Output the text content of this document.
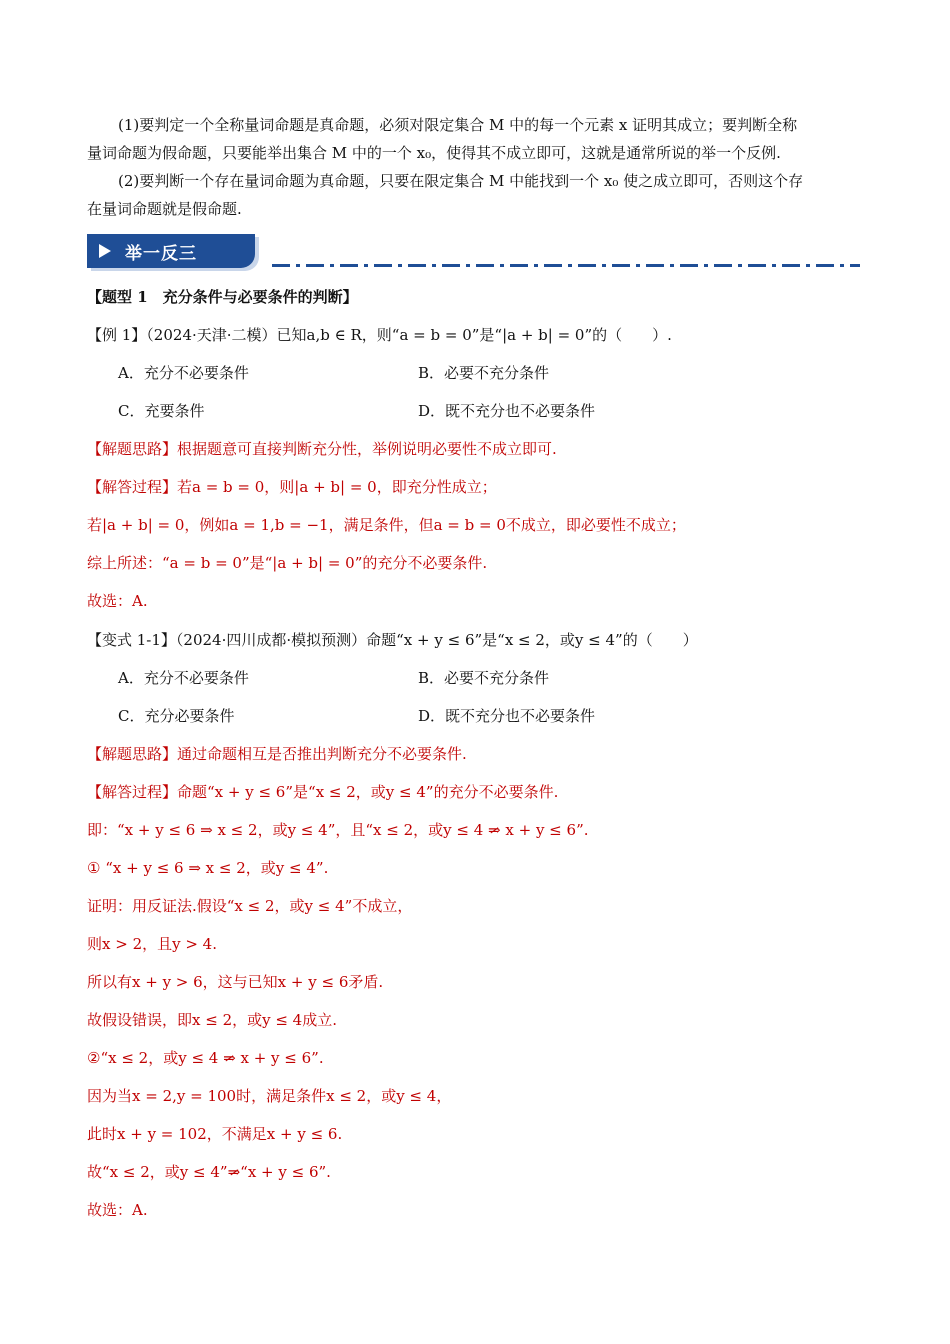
(1)要判定一个全称量词命题是真命题，必须对限定集合 M 中的每一个元素 x 证明其成立；要判断全称
量词命题为假命题，只要能举出集合 M 中的一个 x₀，使得其不成立即可，这就是通常所说的举一个反例.
(2)要判断一个存在量词命题为真命题，只要在限定集合 M 中能找到一个 x₀ 使之成立即可，否则这个存
在量词命题就是假命题.
举一反三
【题型 1　充分条件与必要条件的判断】
【例 1】（2024·天津·二模）已知a,b ∈ R，则“a = b = 0”是“|a + b| = 0”的（　　）.
A．充分不必要条件	B．必要不充分条件
C．充要条件	D．既不充分也不必要条件
【解题思路】根据题意可直接判断充分性，举例说明必要性不成立即可.
【解答过程】若a = b = 0，则|a + b| = 0，即充分性成立；
若|a + b| = 0，例如a = 1,b = −1，满足条件，但a = b = 0不成立，即必要性不成立；
综上所述：“a = b = 0”是“|a + b| = 0”的充分不必要条件.
故选：A.
【变式 1-1】（2024·四川成都·模拟预测）命题“x + y ≤ 6”是“x ≤ 2，或y ≤ 4”的（　　）
A．充分不必要条件	B．必要不充分条件
C．充分必要条件	D．既不充分也不必要条件
【解题思路】通过命题相互是否推出判断充分不必要条件.
【解答过程】命题“x + y ≤ 6”是“x ≤ 2，或y ≤ 4”的充分不必要条件.
即：“x + y ≤ 6 ⇒ x ≤ 2，或y ≤ 4”，且“x ≤ 2，或y ≤ 4 ⇒ x + y ≤ 6”.
① “x + y ≤ 6 ⇒ x ≤ 2，或y ≤ 4”.
证明：用反证法.假设“x ≤ 2，或y ≤ 4”不成立，
则x > 2，且y > 4.
所以有x + y > 6，这与已知x + y ≤ 6矛盾.
故假设错误，即x ≤ 2，或y ≤ 4成立.
②“x ≤ 2，或y ≤ 4 ⇒ x + y ≤ 6”.
因为当x = 2,y = 100时，满足条件x ≤ 2，或y ≤ 4，
此时x + y = 102，不满足x + y ≤ 6.
故“x ≤ 2，或y ≤ 4”⇒“x + y ≤ 6”.
故选：A.
